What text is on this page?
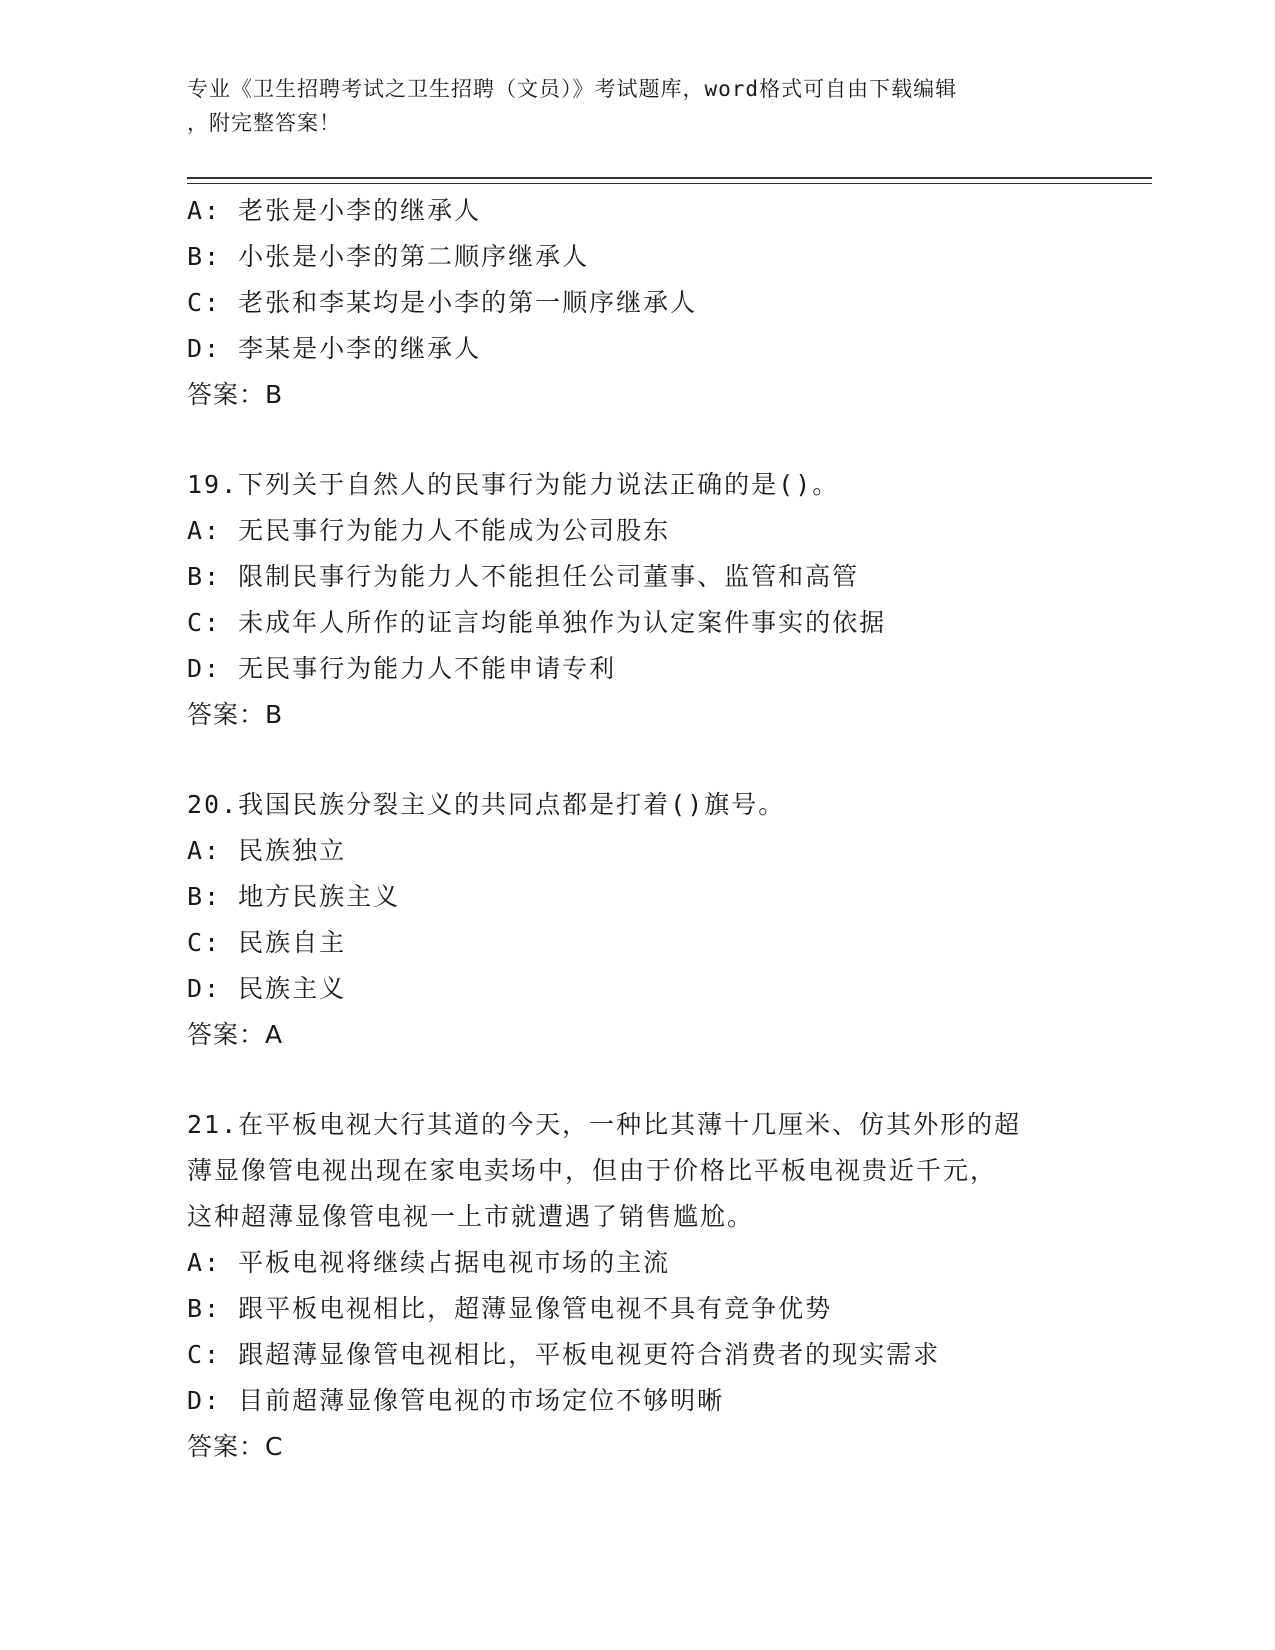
专业《卫生招聘考试之卫生招聘（文员）》考试题库，word格式可自由下载编辑
，附完整答案！
A: 老张是小李的继承人
B: 小张是小李的第二顺序继承人
C: 老张和李某均是小李的第一顺序继承人
D: 李某是小李的继承人
答案：B
19.下列关于自然人的民事行为能力说法正确的是()。
A: 无民事行为能力人不能成为公司股东
B: 限制民事行为能力人不能担任公司董事、监管和高管
C: 未成年人所作的证言均能单独作为认定案件事实的依据
D: 无民事行为能力人不能申请专利
答案：B
20.我国民族分裂主义的共同点都是打着()旗号。
A: 民族独立
B: 地方民族主义
C: 民族自主
D: 民族主义
答案：A
21.在平板电视大行其道的今天，一种比其薄十几厘米、仿其外形的超
薄显像管电视出现在家电卖场中，但由于价格比平板电视贵近千元，
这种超薄显像管电视一上市就遭遇了销售尴尬。
A: 平板电视将继续占据电视市场的主流
B: 跟平板电视相比，超薄显像管电视不具有竞争优势
C: 跟超薄显像管电视相比，平板电视更符合消费者的现实需求
D: 目前超薄显像管电视的市场定位不够明晰
答案：C
